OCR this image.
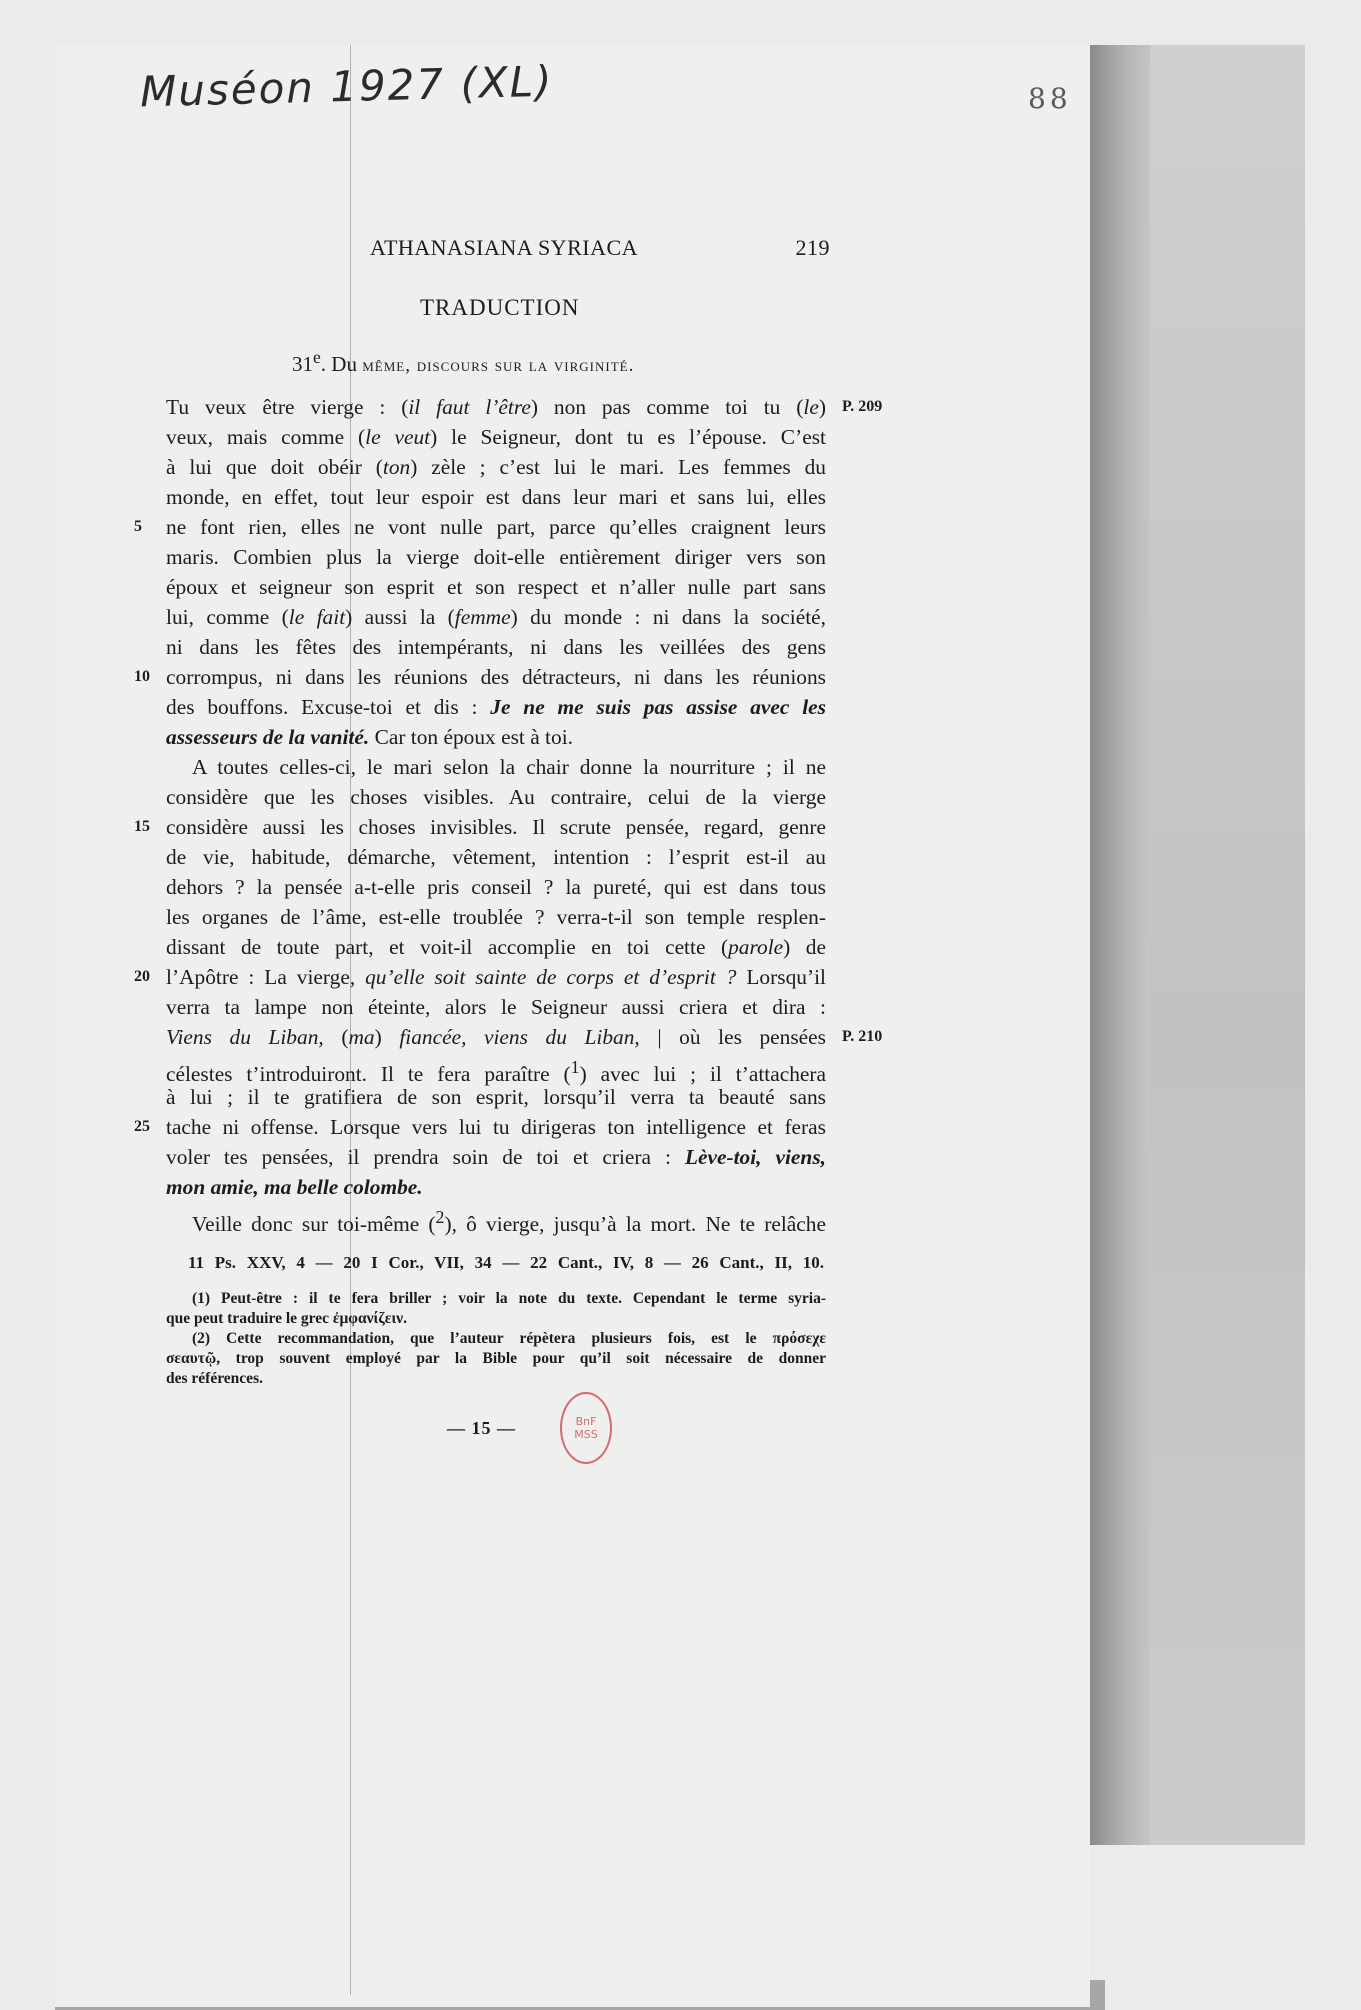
Muséon 1927 (XL)	88
ATHANASIANA SYRIACA	219
TRADUCTION
31e. Du même, discours sur la virginité.
Tu veux être vierge : (il faut l’être) non pas comme toi tu (le) P. 209
veux, mais comme (le veut) le Seigneur, dont tu es l’épouse. C’est
à lui que doit obéir (ton) zèle ; c’est lui le mari. Les femmes du
monde, en effet, tout leur espoir est dans leur mari et sans lui, elles
ne font rien, elles ne vont nulle part, parce qu’elles craignent leurs
5
maris. Combien plus la vierge doit-elle entièrement diriger vers son
époux et seigneur son esprit et son respect et n’aller nulle part sans
lui, comme (le fait) aussi la (femme) du monde : ni dans la société,
ni dans les fêtes des intempérants, ni dans les veillées des gens
corrompus, ni dans les réunions des détracteurs, ni dans les réunions
10
des bouffons. Excuse-toi et dis : Je ne me suis pas assise avec les
assesseurs de la vanité. Car ton époux est à toi.
A toutes celles-ci, le mari selon la chair donne la nourriture ; il ne
considère que les choses visibles. Au contraire, celui de la vierge
considère aussi les choses invisibles. Il scrute pensée, regard, genre
15
de vie, habitude, démarche, vêtement, intention : l’esprit est-il au
dehors ? la pensée a-t-elle pris conseil ? la pureté, qui est dans tous
les organes de l’âme, est-elle troublée ? verra-t-il son temple resplen-
dissant de toute part, et voit-il accomplie en toi cette (parole) de
l’Apôtre : La vierge, qu’elle soit sainte de corps et d’esprit ? Lorsqu’il
20
verra ta lampe non éteinte, alors le Seigneur aussi criera et dira :
Viens du Liban, (ma) fiancée, viens du Liban, | où les pensées P. 210
célestes t’introduiront. Il te fera paraître ($^1$) avec lui ; il t’attachera
à lui ; il te gratifiera de son esprit, lorsqu’il verra ta beauté sans
tache ni offense. Lorsque vers lui tu dirigeras ton intelligence et feras
25
voler tes pensées, il prendra soin de toi et criera : Lève-toi, viens,
mon amie, ma belle colombe.
Veille donc sur toi-même ($^2$), ô vierge, jusqu’à la mort. Ne te relâche
11 Ps. XXV, 4 — 20 I Cor., VII, 34 — 22 Cant., IV, 8 — 26 Cant., II, 10.
(1) Peut-être : il te fera briller ; voir la note du texte. Cependant le terme syria-
que peut traduire le grec ἐμφανίζειν.
(2) Cette recommandation, que l’auteur répètera plusieurs fois, est le πρόσεχε
σεαυτῷ, trop souvent employé par la Bible pour qu’il soit nécessaire de donner
des références.
— 15 —	BnF
MSS
